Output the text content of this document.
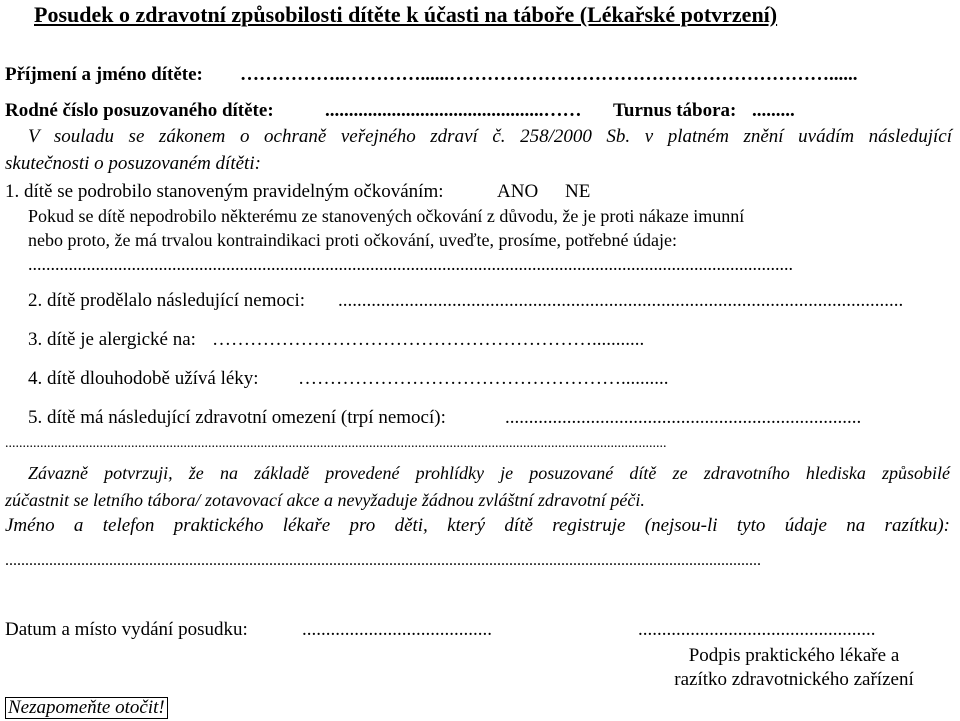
Posudek o zdravotní způsobilosti dítěte k účasti na táboře (Lékařské potvrzení)
Příjmení a jméno dítěte: ……………..…………......……………………………………………………......
Rodné číslo posuzovaného dítěte:	..............................................……	Turnus tábora: .........
V souladu se zákonem o ochraně veřejného zdraví č. 258/2000 Sb. v platném znění uvádím následující
skutečnosti o posuzovaném dítěti:
1. dítě se podrobilo stanoveným pravidelným očkováním:	ANO NE
Pokud se dítě nepodrobilo některému ze stanovených očkování z důvodu, že je proti nákaze imunní
nebo proto, že má trvalou kontraindikaci proti očkování, uveďte, prosíme, potřebné údaje:
..........................................................................................................................................................................
2. dítě prodělalo následující nemoci: .......................................................................................................................
3. dítě je alergické na: ……………………………………………………...........
4. dítě dlouhodobě užívá léky: ……………………………………………..........
5. dítě má následující zdravotní omezení (trpí nemocí):	...........................................................................
.............................................................................................................................................................................................
Závazně potvrzuji, že na základě provedené prohlídky je posuzované dítě ze zdravotního hlediska způsobilé
zúčastnit se letního tábora/ zotavovací akce a nevyžaduje žádnou zvláštní zdravotní péči.
Jméno a telefon praktického lékaře pro děti, který dítě registruje (nejsou-li tyto údaje na razítku):
.............................................................................................................................................................................................
Datum a místo vydání posudku:	........................................	..................................................
Podpis praktického lékaře a
razítko zdravotnického zařízení
Nezapomeňte otočit!
